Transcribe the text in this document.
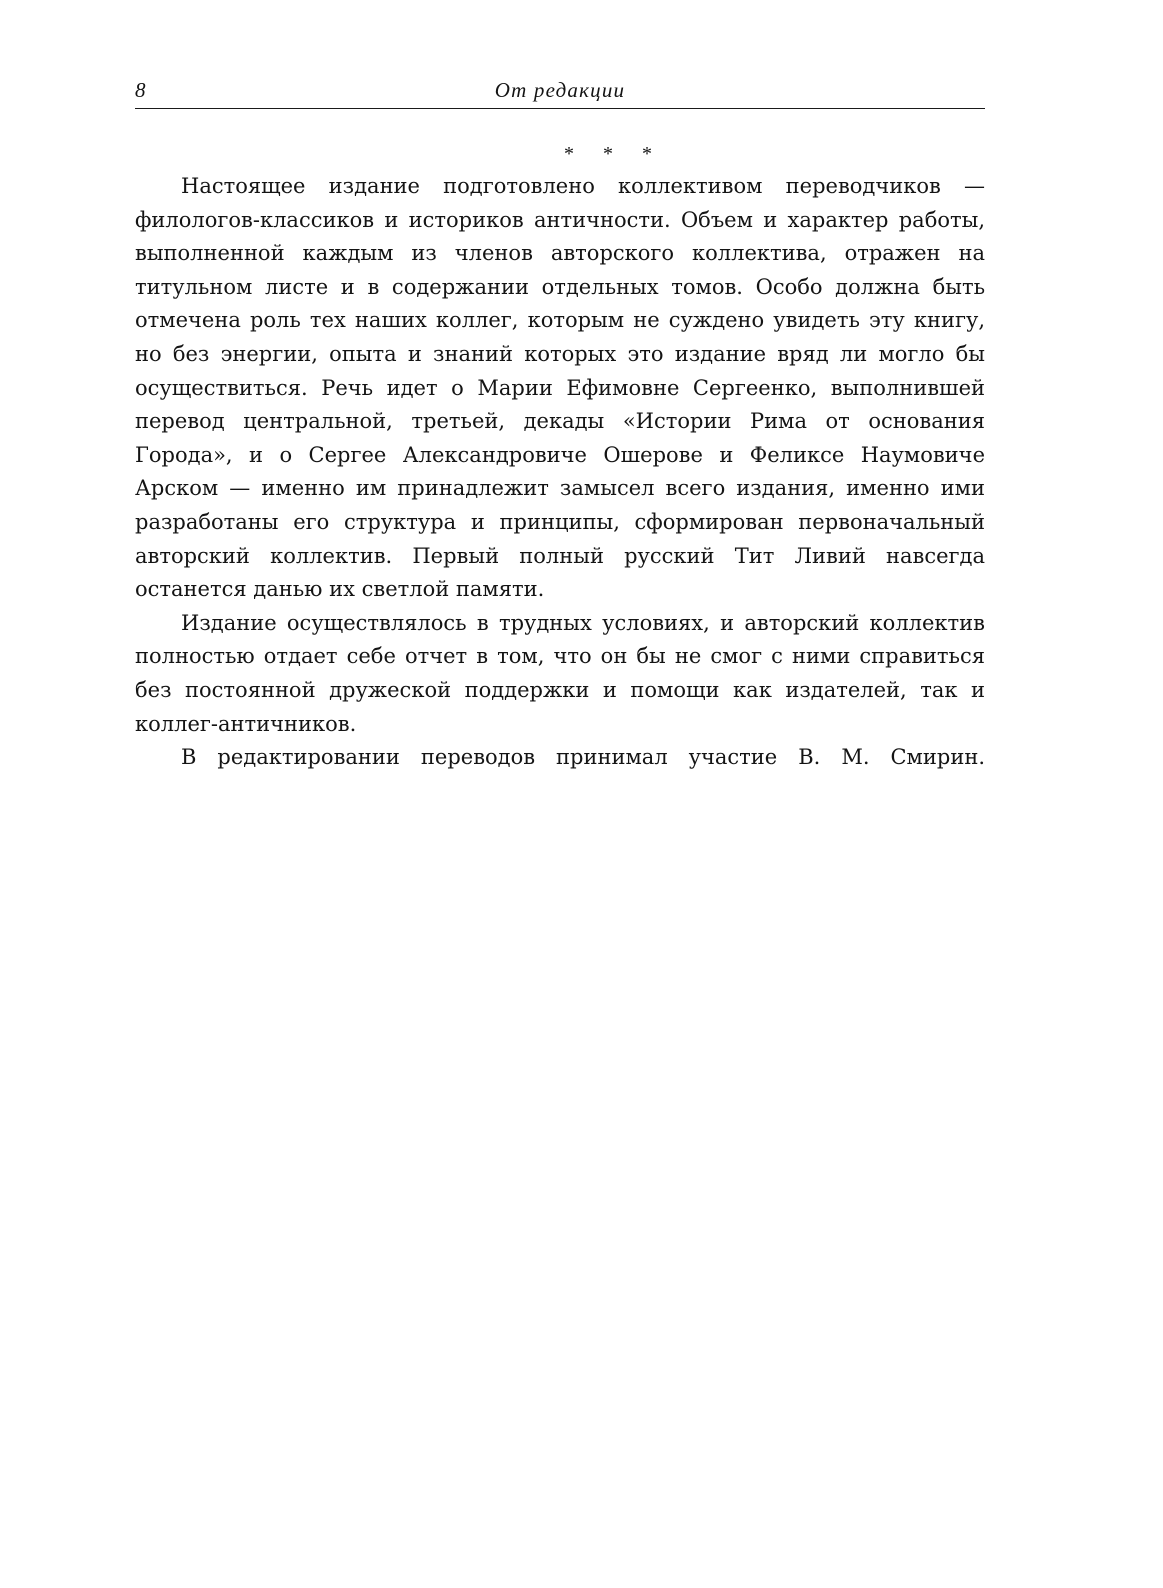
8	От редакции
* * *

Настоящее издание подготовлено коллективом переводчиков — филологов-классиков и историков античности. Объем и характер работы, выполненной каждым из членов авторского коллектива, отражен на титульном листе и в содержании отдельных томов. Особо должна быть отмечена роль тех наших коллег, которым не суждено увидеть эту книгу, но без энергии, опыта и знаний которых это издание вряд ли могло бы осуществиться. Речь идет о Марии Ефимовне Сергеенко, выполнившей перевод центральной, третьей, декады «Истории Рима от основания Города», и о Сергее Александровиче Ошерове и Феликсе Наумовиче Арском — именно им принадлежит замысел всего издания, именно ими разработаны его структура и принципы, сформирован первоначальный авторский коллектив. Первый полный русский Тит Ливий навсегда останется данью их светлой памяти.

Издание осуществлялось в трудных условиях, и авторский коллектив полностью отдает себе отчет в том, что он бы не смог с ними справиться без постоянной дружеской поддержки и помощи как издателей, так и коллег-античников.

В редактировании переводов принимал участие В. М. Смирин.
